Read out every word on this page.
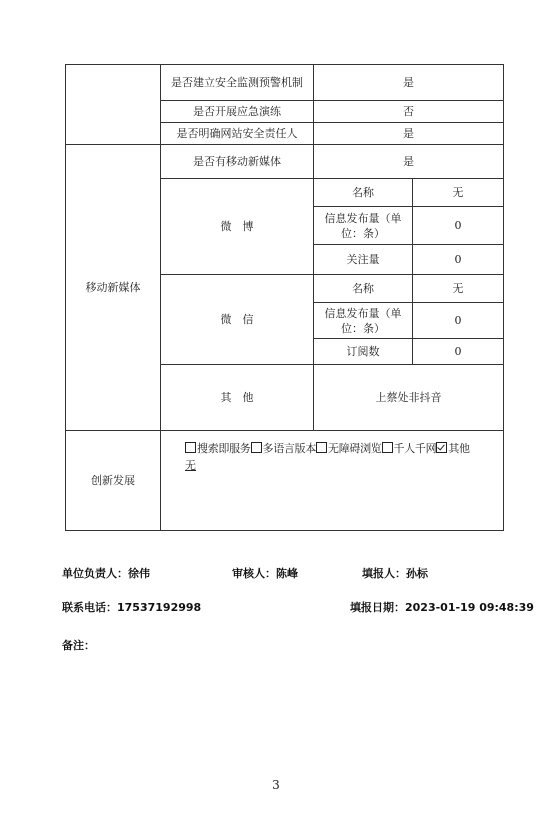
	是否建立安全监测预警机制	是	
	是否开展应急演练	否	
	是否明确网站安全责任人	是	
移动新媒体	是否有移动新媒体	是	
	微　博	名称	无
		信息发布量（单位：条）	0
		关注量	0
	微　信	名称	无
		信息发布量（单位：条）	0
		订阅数	0
	其　他	上蔡处非抖音	
创新发展	搜索即服务 多语言版本 无障碍浏览 千人千网 其他
无		
单位负责人：徐伟	审核人：陈峰	填报人：孙标
联系电话：17537192998	填报日期：2023-01-19 09:48:39
备注：
3
